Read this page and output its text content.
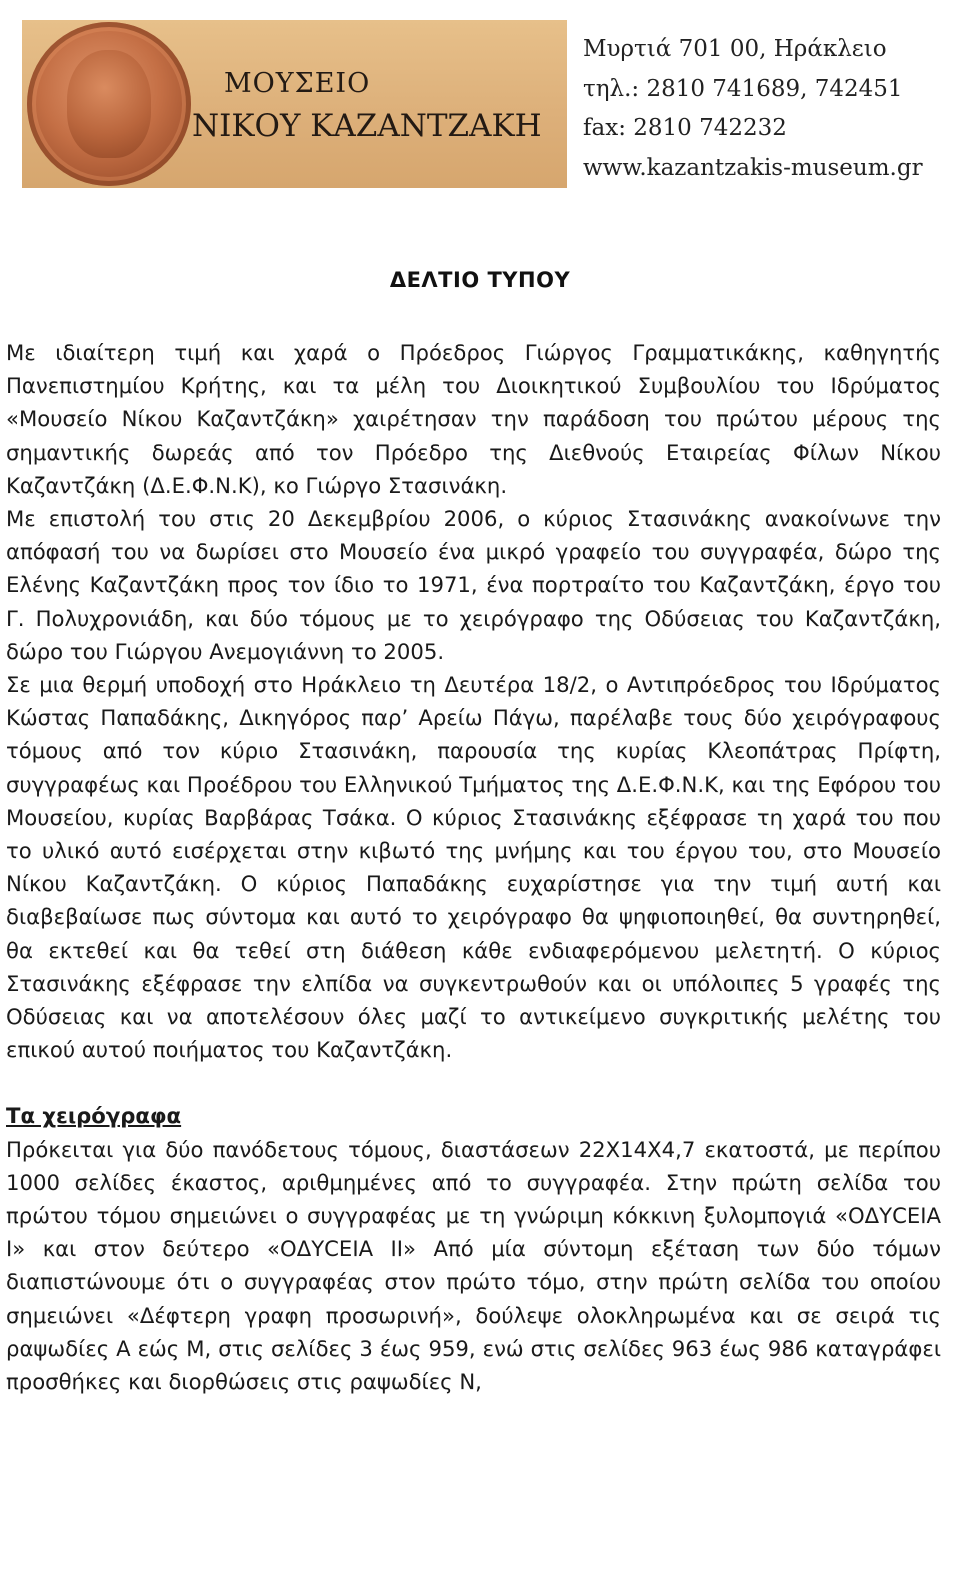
ΜΟΥΣΕΙΟ
ΝΙΚΟΥ ΚΑΖΑΝΤΖΑΚΗ
Μυρτιά 701 00, Ηράκλειο
τηλ.: 2810 741689, 742451
fax: 2810 742232
www.kazantzakis-museum.gr
ΔΕΛΤΙΟ ΤΥΠΟΥ

Με ιδιαίτερη τιμή και χαρά ο Πρόεδρος Γιώργος Γραμματικάκης, καθηγητής Πανεπιστημίου Κρήτης, και τα μέλη του Διοικητικού Συμβουλίου του Ιδρύματος «Μουσείο Νίκου Καζαντζάκη» χαιρέτησαν την παράδοση του πρώτου μέρους της σημαντικής δωρεάς από τον Πρόεδρο της Διεθνούς Εταιρείας Φίλων Νίκου Καζαντζάκη (Δ.Ε.Φ.Ν.Κ), κο Γιώργο Στασινάκη.

Με επιστολή του στις 20 Δεκεμβρίου 2006, ο κύριος Στασινάκης ανακοίνωνε την απόφασή του να δωρίσει στο Μουσείο ένα μικρό γραφείο του συγγραφέα, δώρο της Ελένης Καζαντζάκη προς τον ίδιο το 1971, ένα πορτραίτο του Καζαντζάκη, έργο του Γ. Πολυχρονιάδη, και δύο τόμους με το χειρόγραφο της Οδύσειας του Καζαντζάκη, δώρο του Γιώργου Ανεμογιάννη το 2005.

Σε μια θερμή υποδοχή στο Ηράκλειο τη Δευτέρα 18/2, ο Αντιπρόεδρος του Ιδρύματος Κώστας Παπαδάκης, Δικηγόρος παρ’ Αρείω Πάγω, παρέλαβε τους δύο χειρόγραφους τόμους από τον κύριο Στασινάκη, παρουσία της κυρίας Κλεοπάτρας Πρίφτη, συγγραφέως και Προέδρου του Ελληνικού Τμήματος της Δ.Ε.Φ.Ν.Κ, και της Εφόρου του Μουσείου, κυρίας Βαρβάρας Τσάκα. Ο κύριος Στασινάκης εξέφρασε τη χαρά του που το υλικό αυτό εισέρχεται στην κιβωτό της μνήμης και του έργου του, στο Μουσείο Νίκου Καζαντζάκη. Ο κύριος Παπαδάκης ευχαρίστησε για την τιμή αυτή και διαβεβαίωσε πως σύντομα και αυτό το χειρόγραφο θα ψηφιοποιηθεί, θα συντηρηθεί, θα εκτεθεί και θα τεθεί στη διάθεση κάθε ενδιαφερόμενου μελετητή. Ο κύριος Στασινάκης εξέφρασε την ελπίδα να συγκεντρωθούν και οι υπόλοιπες 5 γραφές της Οδύσειας και να αποτελέσουν όλες μαζί το αντικείμενο συγκριτικής μελέτης του επικού αυτού ποιήματος του Καζαντζάκη.

Τα χειρόγραφα

Πρόκειται για δύο πανόδετους τόμους, διαστάσεων 22Χ14Χ4,7 εκατοστά, με περίπου 1000 σελίδες έκαστος, αριθμημένες από το συγγραφέα. Στην πρώτη σελίδα του πρώτου τόμου σημειώνει ο συγγραφέας με τη γνώριμη κόκκινη ξυλομπογιά «ΟΔΥCΕΙΑ Ι» και στον δεύτερο «ΟΔΥCΕΙΑ ΙΙ» Από μία σύντομη εξέταση των δύο τόμων διαπιστώνουμε ότι ο συγγραφέας στον πρώτο τόμο, στην πρώτη σελίδα του οποίου σημειώνει «Δέφτερη γραφη προσωρινή», δούλεψε ολοκληρωμένα και σε σειρά τις ραψωδίες Α εώς Μ, στις σελίδες 3 έως 959, ενώ στις σελίδες 963 έως 986 καταγράφει προσθήκες και διορθώσεις στις ραψωδίες Ν,
